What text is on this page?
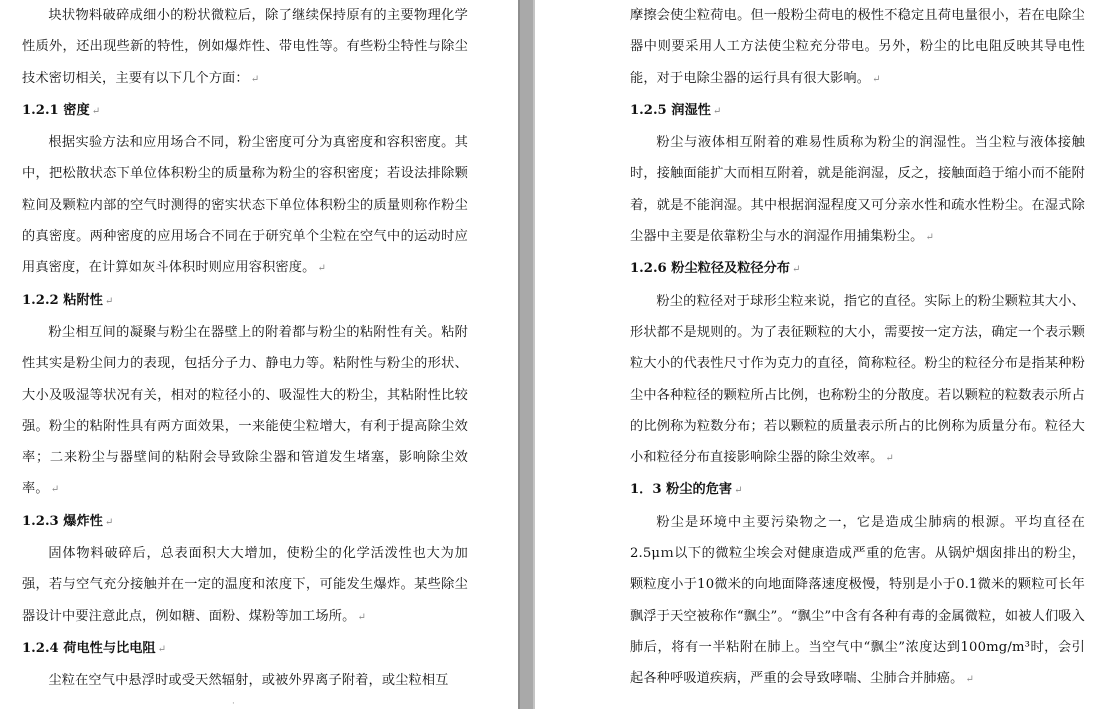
块状物料破碎成细小的粉状微粒后，除了继续保持原有的主要物理化学性质外，还出现些新的特性，例如爆炸性、带电性等。有些粉尘特性与除尘技术密切相关，主要有以下几个方面： ↵

1.2.1 密度 ↵

根据实验方法和应用场合不同，粉尘密度可分为真密度和容积密度。其中，把松散状态下单位体积粉尘的质量称为粉尘的容积密度；若设法排除颗粒间及颗粒内部的空气时测得的密实状态下单位体积粉尘的质量则称作粉尘的真密度。两种密度的应用场合不同在于研究单个尘粒在空气中的运动时应用真密度，在计算如灰斗体积时则应用容积密度。 ↵

1.2.2 粘附性 ↵

粉尘相互间的凝聚与粉尘在器壁上的附着都与粉尘的粘附性有关。粘附性其实是粉尘间力的表现，包括分子力、静电力等。粘附性与粉尘的形状、大小及吸湿等状况有关，相对的粒径小的、吸湿性大的粉尘，其粘附性比较强。粉尘的粘附性具有两方面效果，一来能使尘粒增大，有利于提高除尘效率；二来粉尘与器壁间的粘附会导致除尘器和管道发生堵塞，影响除尘效率。 ↵

1.2.3 爆炸性 ↵

固体物料破碎后，总表面积大大增加，使粉尘的化学活泼性也大为加强，若与空气充分接触并在一定的温度和浓度下，可能发生爆炸。某些除尘器设计中要注意此点，例如糖、面粉、煤粉等加工场所。 ↵

1.2.4 荷电性与比电阻 ↵

尘粒在空气中悬浮时或受天然辐射，或被外界离子附着，或尘粒相互

·

摩擦会使尘粒荷电。但一般粉尘荷电的极性不稳定且荷电量很小，若在电除尘器中则要采用人工方法使尘粒充分带电。另外，粉尘的比电阻反映其导电性能，对于电除尘器的运行具有很大影响。 ↵

1.2.5 润湿性 ↵

粉尘与液体相互附着的难易性质称为粉尘的润湿性。当尘粒与液体接触时，接触面能扩大而相互附着，就是能润湿，反之，接触面趋于缩小而不能附着，就是不能润湿。其中根据润湿程度又可分亲水性和疏水性粉尘。在湿式除尘器中主要是依靠粉尘与水的润湿作用捕集粉尘。 ↵

1.2.6 粉尘粒径及粒径分布 ↵

粉尘的粒径对于球形尘粒来说，指它的直径。实际上的粉尘颗粒其大小、形状都不是规则的。为了表征颗粒的大小，需要按一定方法，确定一个表示颗粒大小的代表性尺寸作为克力的直径，简称粒径。粉尘的粒径分布是指某种粉尘中各种粒径的颗粒所占比例，也称粉尘的分散度。若以颗粒的粒数表示所占的比例称为粒数分布；若以颗粒的质量表示所占的比例称为质量分布。粒径大小和粒径分布直接影响除尘器的除尘效率。 ↵

1．3 粉尘的危害 ↵

粉尘是环境中主要污染物之一，它是造成尘肺病的根源。平均直径在2.5μｍ以下的微粒尘埃会对健康造成严重的危害。从锅炉烟囱排出的粉尘，颗粒度小于10微米的向地面降落速度极慢，特别是小于0.1微米的颗粒可长年飘浮于天空被称作“飘尘”。“飘尘”中含有各种有毒的金属微粒，如被人们吸入肺后，将有一半粘附在肺上。当空气中“飘尘”浓度达到100mg/m³时，会引起各种呼吸道疾病，严重的会导致哮喘、尘肺合并肺癌。 ↵
